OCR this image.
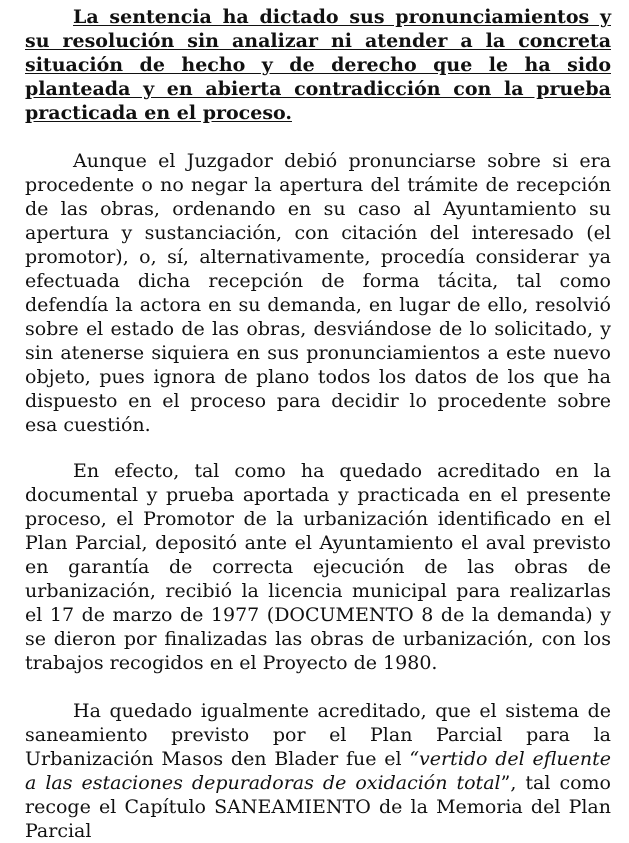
La sentencia ha dictado sus pronunciamientos y su resolución sin analizar ni atender a la concreta situación de hecho y de derecho que le ha sido planteada y en abierta contradicción con la prueba practicada en el proceso.

Aunque el Juzgador debió pronunciarse sobre si era procedente o no negar la apertura del trámite de recepción de las obras, ordenando en su caso al Ayuntamiento su apertura y sustanciación, con citación del interesado (el promotor), o, sí, alternativamente, procedía considerar ya efectuada dicha recepción de forma tácita, tal como defendía la actora en su demanda, en lugar de ello, resolvió sobre el estado de las obras, desviándose de lo solicitado, y sin atenerse siquiera en sus pronunciamientos a este nuevo objeto, pues ignora de plano todos los datos de los que ha dispuesto en el proceso para decidir lo procedente sobre esa cuestión.

En efecto, tal como ha quedado acreditado en la documental y prueba aportada y practicada en el presente proceso, el Promotor de la urbanización identificado en el Plan Parcial, depositó ante el Ayuntamiento el aval previsto en garantía de correcta ejecución de las obras de urbanización, recibió la licencia municipal para realizarlas el 17 de marzo de 1977 (DOCUMENTO 8 de la demanda) y se dieron por finalizadas las obras de urbanización, con los trabajos recogidos en el Proyecto de 1980.

Ha quedado igualmente acreditado, que el sistema de saneamiento previsto por el Plan Parcial para la Urbanización Masos den Blader fue el “vertido del efluente a las estaciones depuradoras de oxidación total”, tal como recoge el Capítulo SANEAMIENTO de la Memoria del Plan Parcial
